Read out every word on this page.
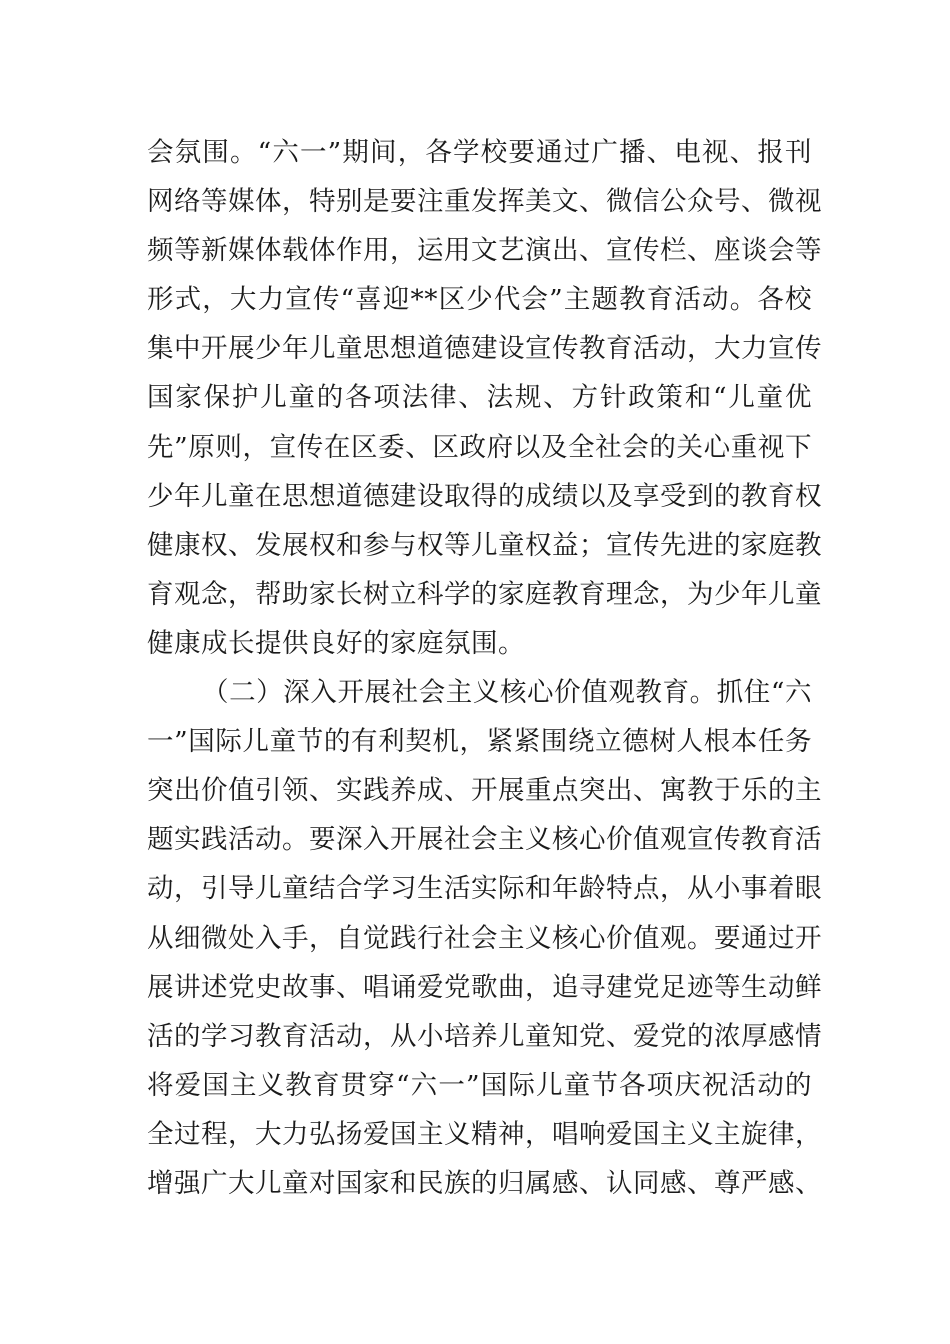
会氛围。“六一”期间，各学校要通过广播、电视、报刊
网络等媒体，特别是要注重发挥美文、微信公众号、微视
频等新媒体载体作用，运用文艺演出、宣传栏、座谈会等
形式，大力宣传“喜迎**区少代会”主题教育活动。各校
集中开展少年儿童思想道德建设宣传教育活动，大力宣传
国家保护儿童的各项法律、法规、方针政策和“儿童优
先”原则，宣传在区委、区政府以及全社会的关心重视下
少年儿童在思想道德建设取得的成绩以及享受到的教育权
健康权、发展权和参与权等儿童权益；宣传先进的家庭教
育观念，帮助家长树立科学的家庭教育理念，为少年儿童
健康成长提供良好的家庭氛围。
（二）深入开展社会主义核心价值观教育。抓住“六
一”国际儿童节的有利契机，紧紧围绕立德树人根本任务
突出价值引领、实践养成、开展重点突出、寓教于乐的主
题实践活动。要深入开展社会主义核心价值观宣传教育活
动，引导儿童结合学习生活实际和年龄特点，从小事着眼
从细微处入手，自觉践行社会主义核心价值观。要通过开
展讲述党史故事、唱诵爱党歌曲，追寻建党足迹等生动鲜
活的学习教育活动，从小培养儿童知党、爱党的浓厚感情
将爱国主义教育贯穿“六一”国际儿童节各项庆祝活动的
全过程，大力弘扬爱国主义精神，唱响爱国主义主旋律，
增强广大儿童对国家和民族的归属感、认同感、尊严感、
